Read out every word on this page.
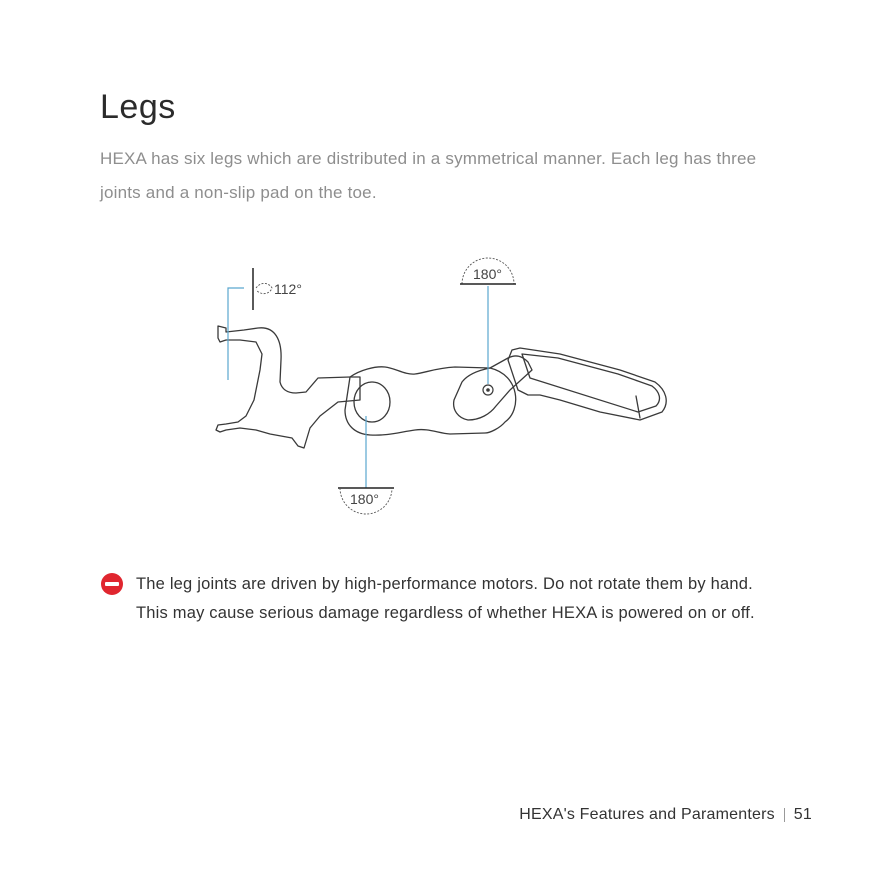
Legs

HEXA has six legs which are distributed in a symmetrical manner. Each leg has three joints and a non-slip pad on the toe.

112°
180°
180°

The leg joints are driven by high-performance motors. Do not rotate them by hand. This may cause serious damage regardless of whether HEXA is powered on or off.

HEXA's Features and Paramenters 51
